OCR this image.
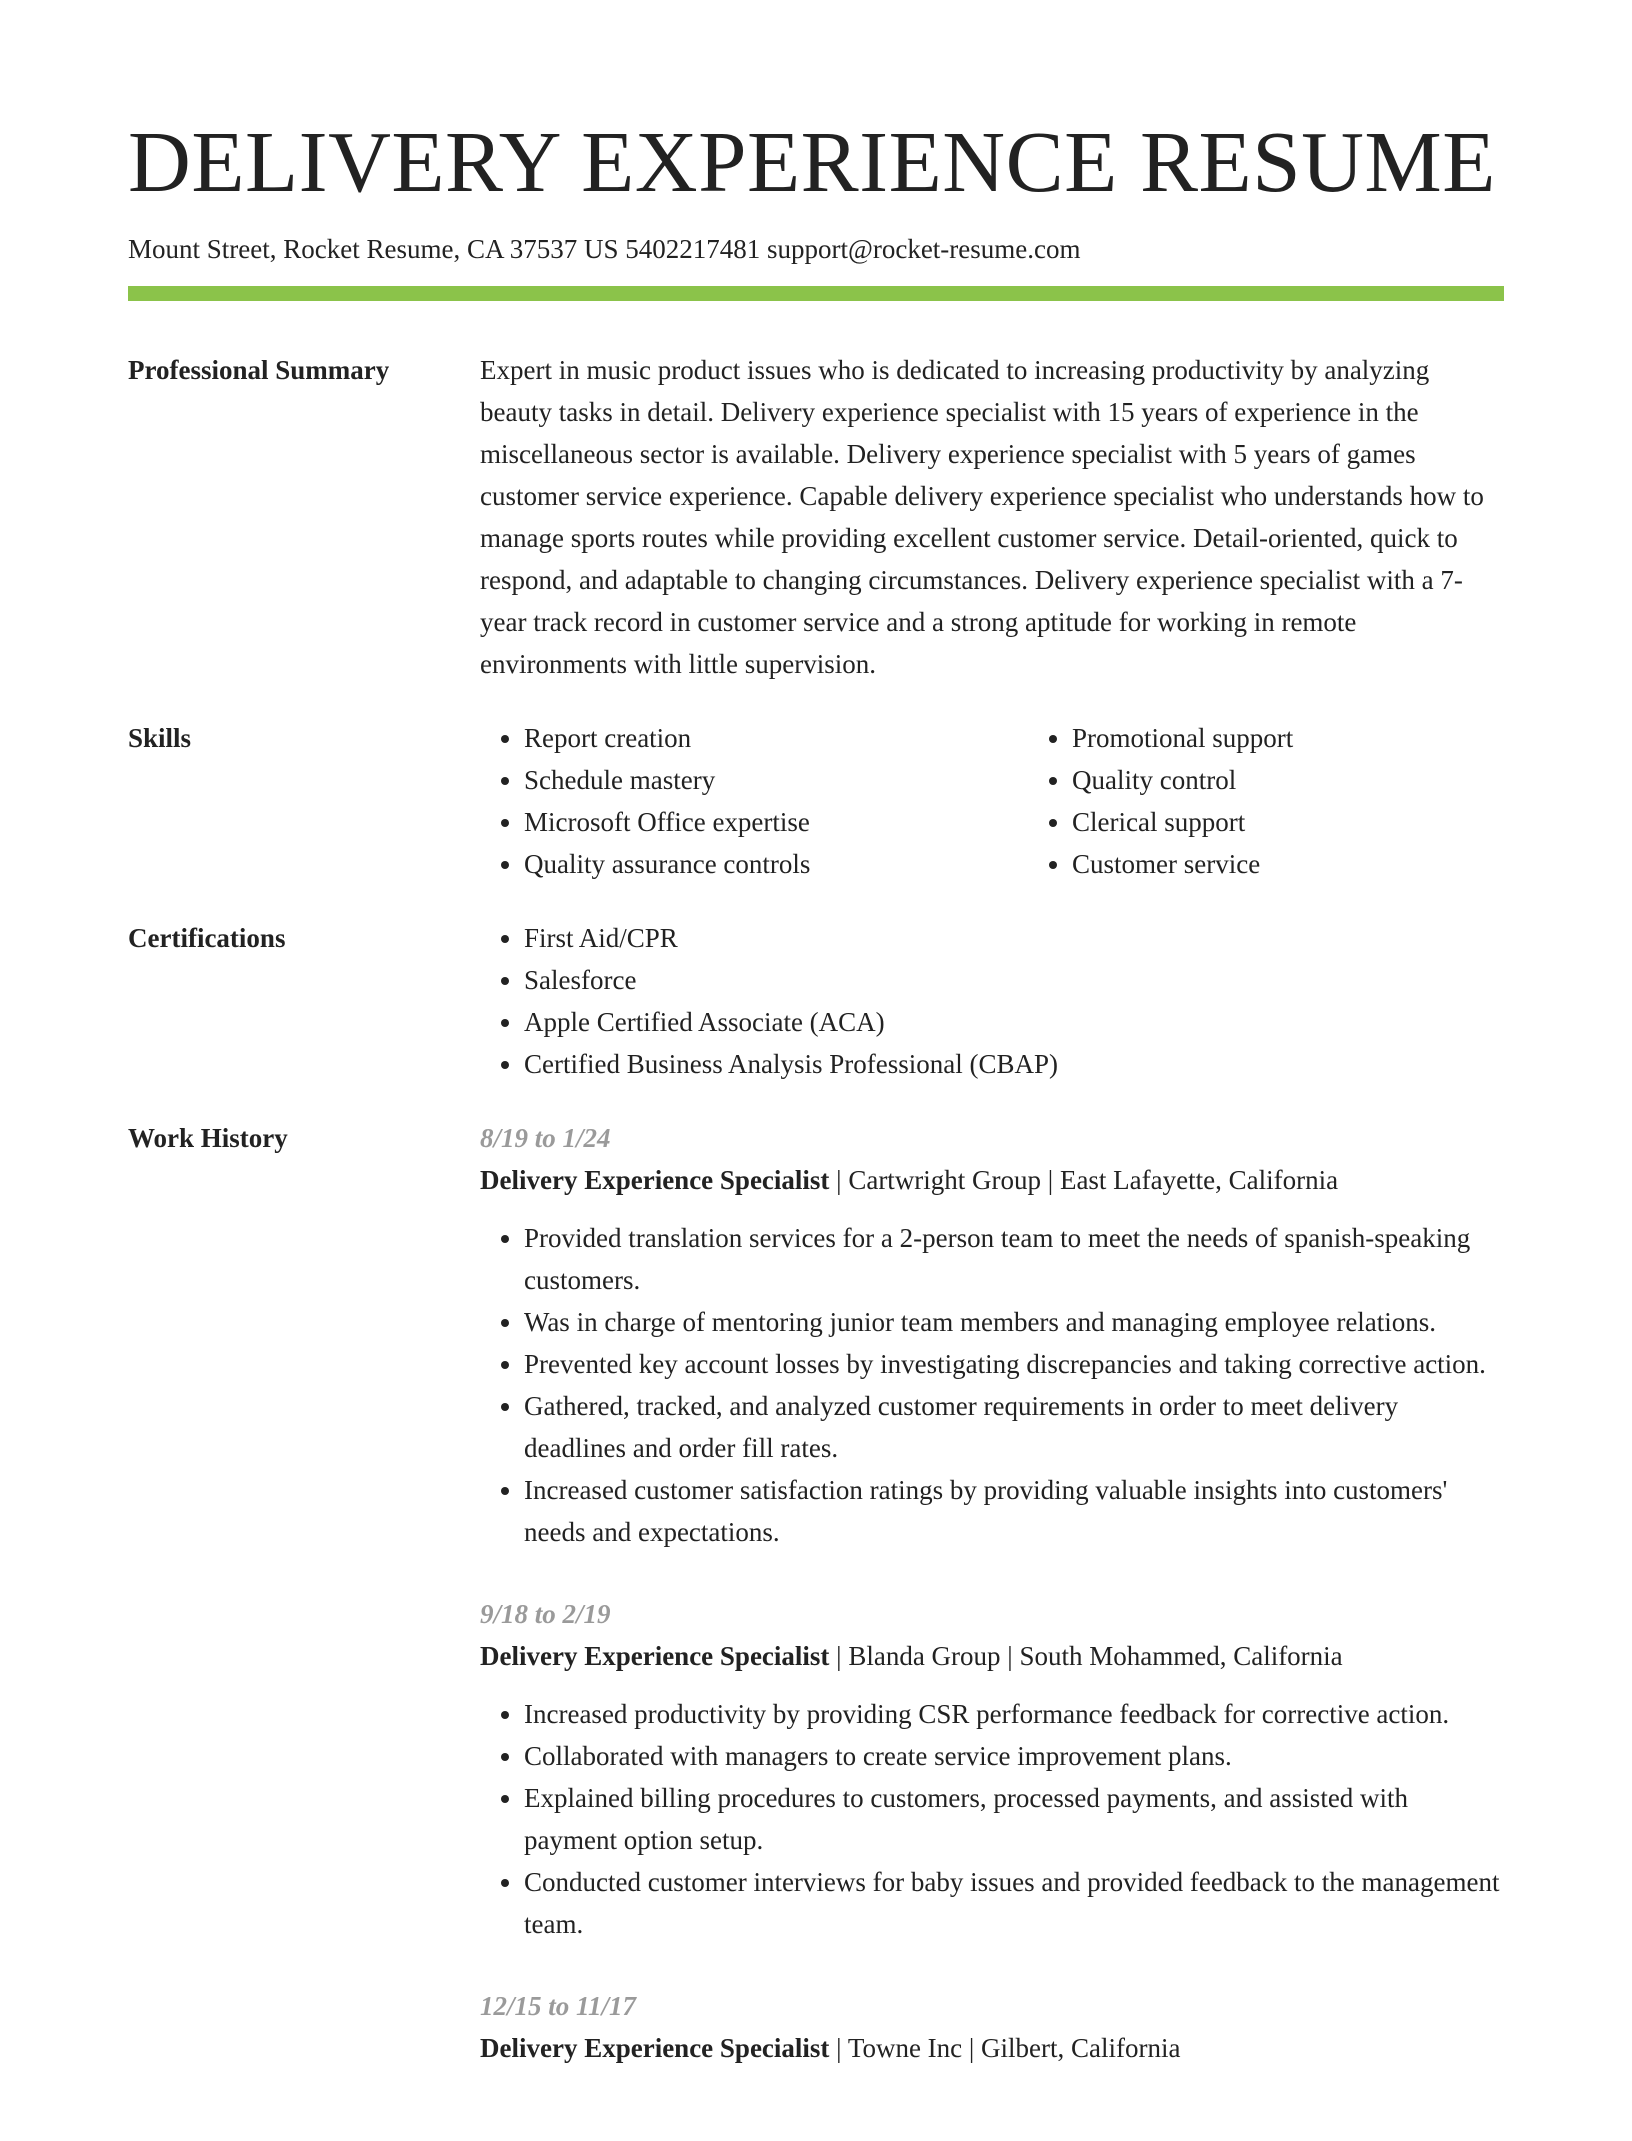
DELIVERY EXPERIENCE RESUME
Mount Street, Rocket Resume, CA 37537 US 5402217481 support@rocket-resume.com
Professional Summary	Expert in music product issues who is dedicated to increasing productivity by analyzing beauty tasks in detail. Delivery experience specialist with 15 years of experience in the miscellaneous sector is available. Delivery experience specialist with 5 years of games customer service experience. Capable delivery experience specialist who understands how to manage sports routes while providing excellent customer service. Detail-oriented, quick to respond, and adaptable to changing circumstances. Delivery experience specialist with a 7-year track record in customer service and a strong aptitude for working in remote environments with little supervision.

Skills	• Report creation
• Schedule mastery
• Microsoft Office expertise
• Quality assurance controls
• Promotional support
• Quality control
• Clerical support
• Customer service
Certifications	• First Aid/CPR
• Salesforce
• Apple Certified Associate (ACA)
• Certified Business Analysis Professional (CBAP)
Work History	8/19 to 1/24
Delivery Experience Specialist | Cartwright Group | East Lafayette, California
• Provided translation services for a 2-person team to meet the needs of spanish-speaking customers.
• Was in charge of mentoring junior team members and managing employee relations.
• Prevented key account losses by investigating discrepancies and taking corrective action.
• Gathered, tracked, and analyzed customer requirements in order to meet delivery deadlines and order fill rates.
• Increased customer satisfaction ratings by providing valuable insights into customers' needs and expectations.
9/18 to 2/19
Delivery Experience Specialist | Blanda Group | South Mohammed, California
• Increased productivity by providing CSR performance feedback for corrective action.
• Collaborated with managers to create service improvement plans.
• Explained billing procedures to customers, processed payments, and assisted with payment option setup.
• Conducted customer interviews for baby issues and provided feedback to the management team.
12/15 to 11/17
Delivery Experience Specialist | Towne Inc | Gilbert, California
